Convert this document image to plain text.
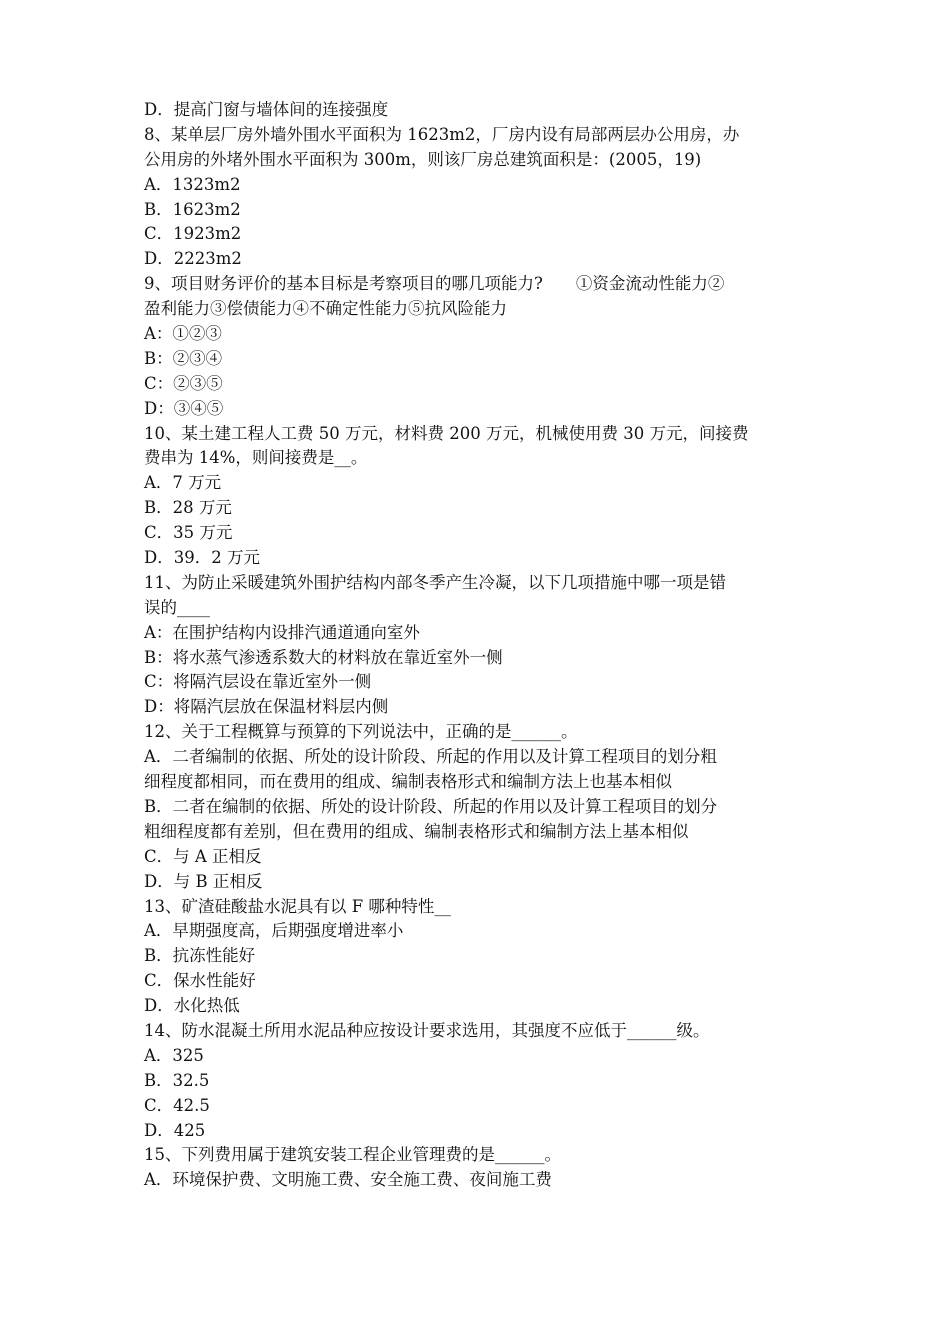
D．提高门窗与墙体间的连接强度
8、某单层厂房外墙外围水平面积为 1623m2，厂房内设有局部两层办公用房，办
公用房的外堵外围水平面积为 300m，则该厂房总建筑面积是：(2005，19)
A．1323m2
B．1623m2
C．1923m2
D．2223m2
9、项目财务评价的基本目标是考察项目的哪几项能力?　　①资金流动性能力②
盈利能力③偿债能力④不确定性能力⑤抗风险能力
A：①②③
B：②③④
C：②③⑤
D：③④⑤
10、某土建工程人工费 50 万元，材料费 200 万元，机械使用费 30 万元，间接费
费串为 14%，则间接费是__。
A．7 万元
B．28 万元
C．35 万元
D．39．2 万元
11、为防止采暖建筑外围护结构内部冬季产生冷凝，以下几项措施中哪一项是错
误的____
A：在围护结构内设排汽通道通向室外
B：将水蒸气渗透系数大的材料放在靠近室外一侧
C：将隔汽层设在靠近室外一侧
D：将隔汽层放在保温材料层内侧
12、关于工程概算与预算的下列说法中，正确的是______。
A．二者编制的依据、所处的设计阶段、所起的作用以及计算工程项目的划分粗
细程度都相同，而在费用的组成、编制表格形式和编制方法上也基本相似
B．二者在编制的依据、所处的设计阶段、所起的作用以及计算工程项目的划分
粗细程度都有差别，但在费用的组成、编制表格形式和编制方法上基本相似
C．与 A 正相反
D．与 B 正相反
13、矿渣硅酸盐水泥具有以 F 哪种特性__
A．早期强度高，后期强度增进率小
B．抗冻性能好
C．保水性能好
D．水化热低
14、防水混凝土所用水泥品种应按设计要求选用，其强度不应低于______级。
A．325
B．32.5
C．42.5
D．425
15、下列费用属于建筑安装工程企业管理费的是______。
A．环境保护费、文明施工费、安全施工费、夜间施工费
